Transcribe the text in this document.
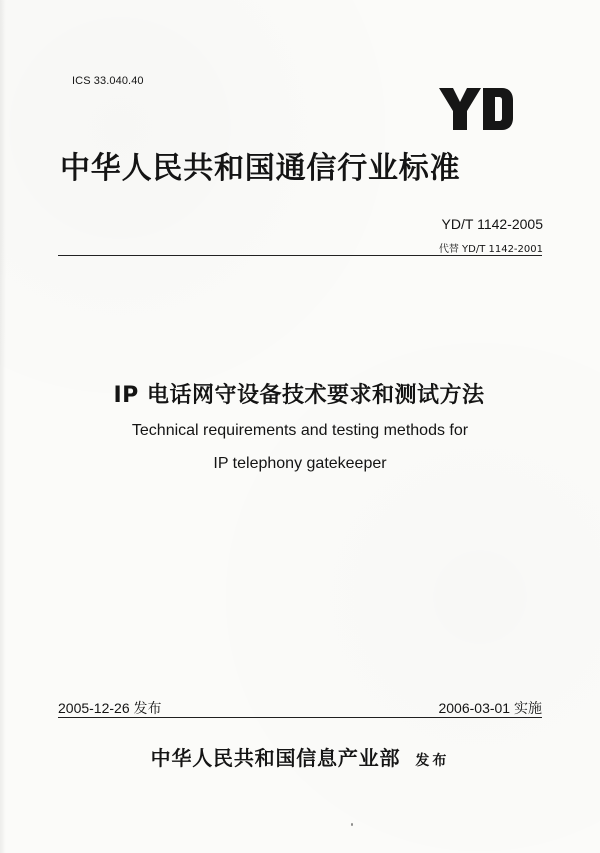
ICS 33.040.40
中华人民共和国通信行业标准
YD/T 1142-2005
代替 YD/T 1142-2001
IP 电话网守设备技术要求和测试方法
Technical requirements and testing methods for
IP telephony gatekeeper
2005-12-26 发布	2006-03-01 实施
中华人民共和国信息产业部 发布
